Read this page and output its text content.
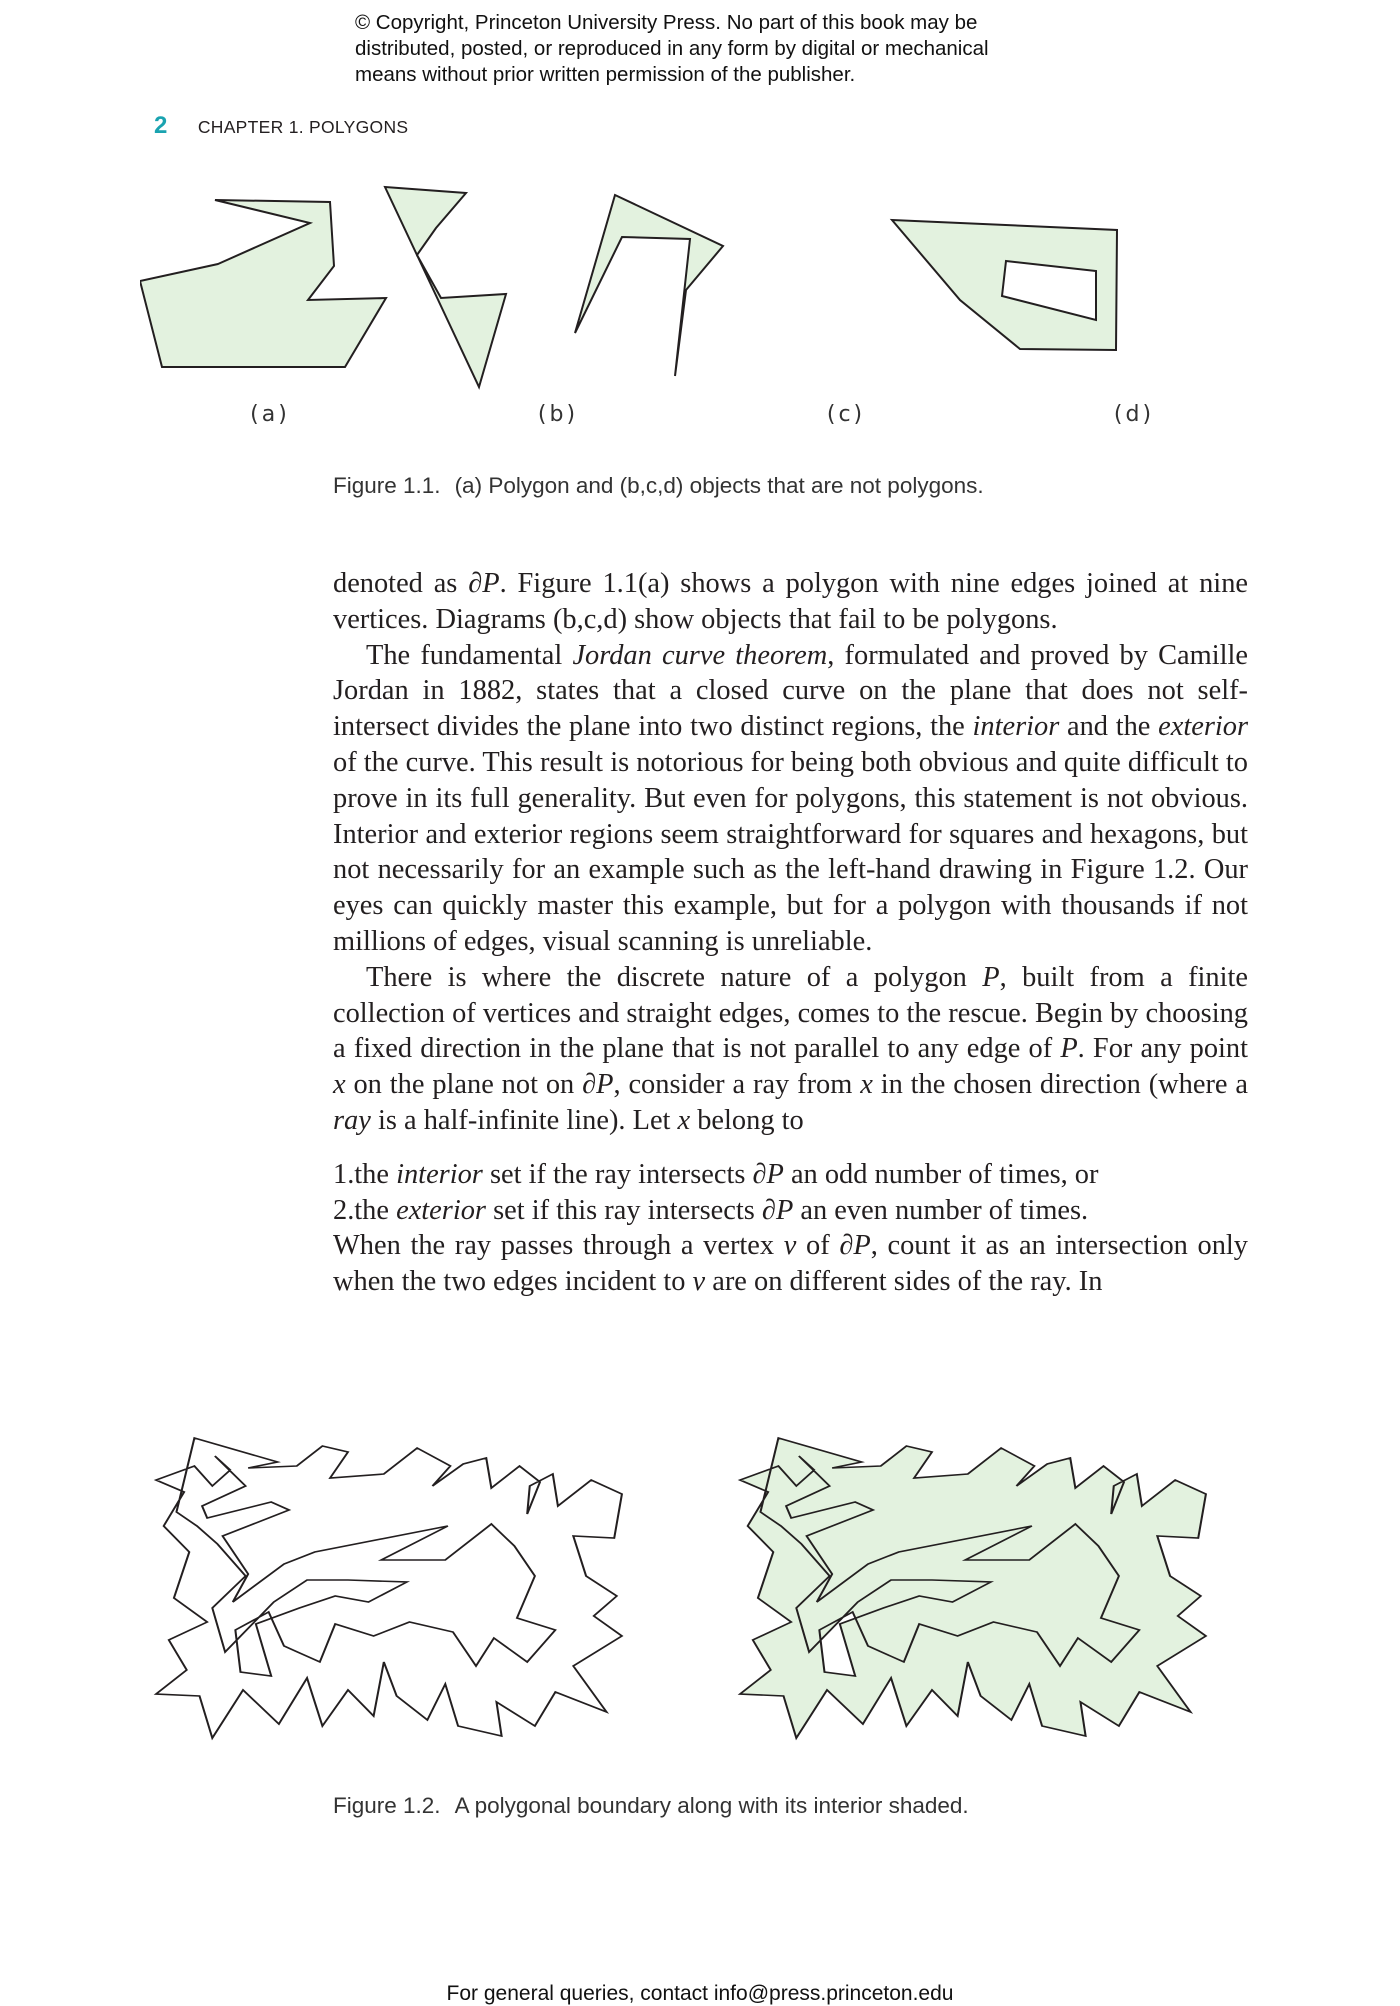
© Copyright, Princeton University Press. No part of this book may be
distributed, posted, or reproduced in any form by digital or mechanical
means without prior written permission of the publisher.
2 CHAPTER 1. POLYGONS
(a)	(b)	(c)	(d)
Figure 1.1. (a) Polygon and (b,c,d) objects that are not polygons.

denoted as ∂P. Figure 1.1(a) shows a polygon with nine edges joined at nine vertices. Diagrams (b,c,d) show objects that fail to be polygons.

The fundamental Jordan curve theorem, formulated and proved by Camille Jordan in 1882, states that a closed curve on the plane that does not self-intersect divides the plane into two distinct regions, the interior and the exterior of the curve. This result is notorious for being both obvious and quite difficult to prove in its full generality. But even for polygons, this statement is not obvious. Interior and exterior regions seem straightforward for squares and hexagons, but not necessarily for an example such as the left-hand drawing in Figure 1.2. Our eyes can quickly master this example, but for a polygon with thousands if not millions of edges, visual scanning is unreliable.

There is where the discrete nature of a polygon P, built from a finite collection of vertices and straight edges, comes to the rescue. Begin by choosing a fixed direction in the plane that is not parallel to any edge of P. For any point x on the plane not on ∂P, consider a ray from x in the chosen direction (where a ray is a half-infinite line). Let x belong to

1.the interior set if the ray intersects ∂P an odd number of times, or
2.the exterior set if this ray intersects ∂P an even number of times.

When the ray passes through a vertex v of ∂P, count it as an intersection only when the two edges incident to v are on different sides of the ray. In

Figure 1.2. A polygonal boundary along with its interior shaded.
For general queries, contact info@press.princeton.edu
